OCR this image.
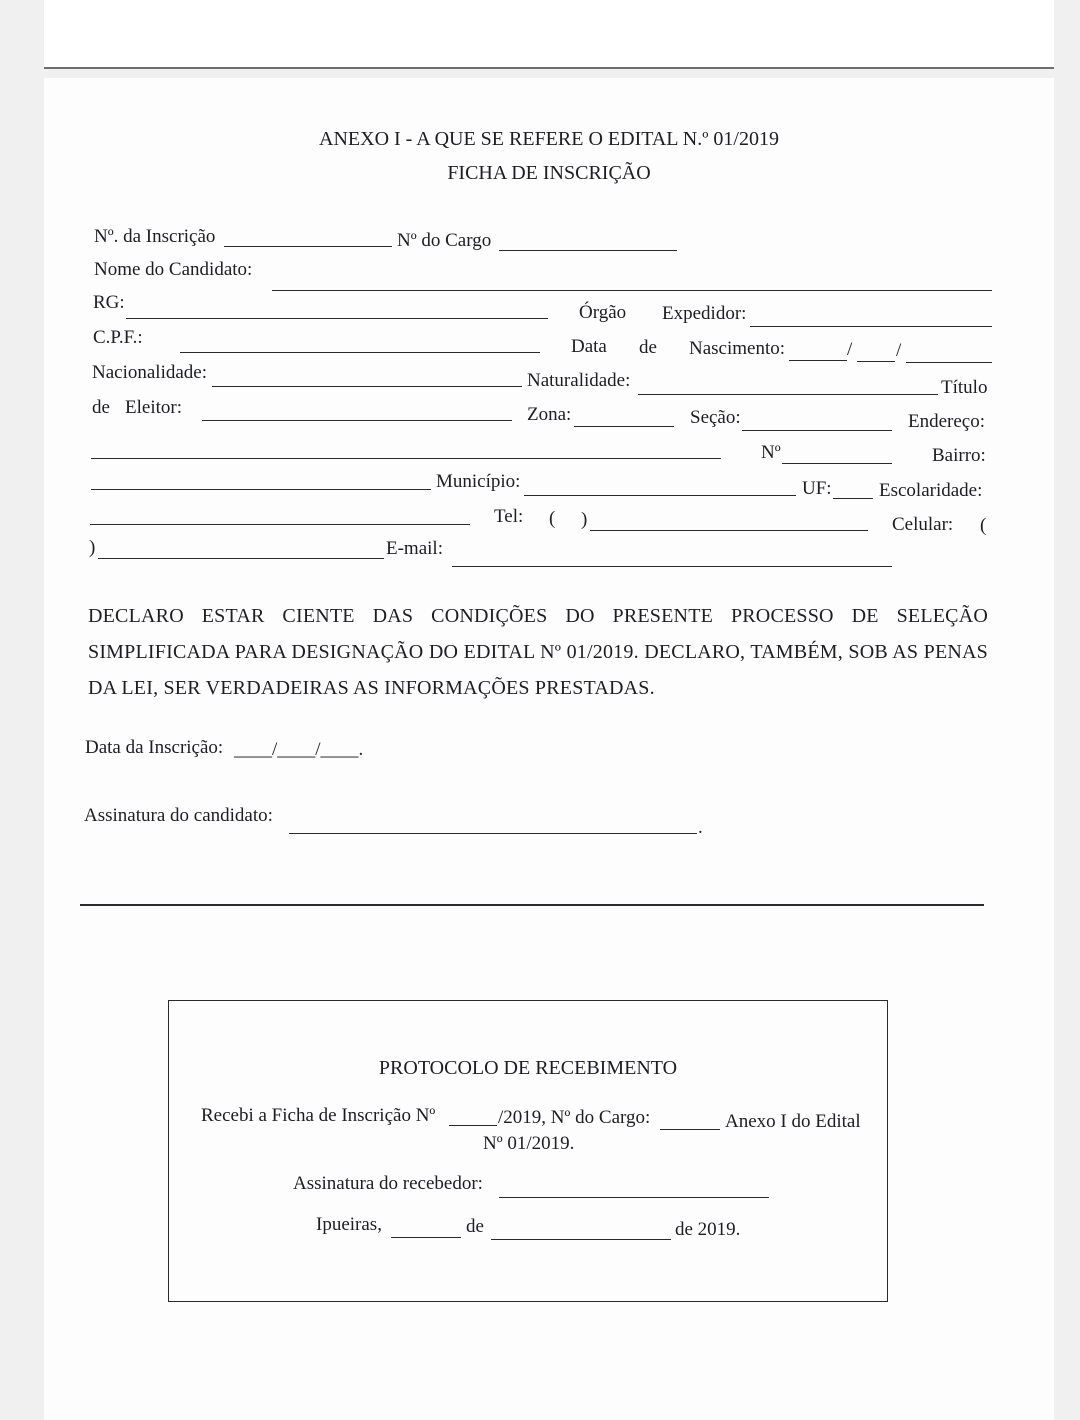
ANEXO I - A QUE SE REFERE O EDITAL N.º 01/2019
FICHA DE INSCRIÇÃO
Nº. da Inscrição	Nº do Cargo
Nome do Candidato:
RG:	Órgão Expedidor:
C.P.F.:	Data de Nascimento:	/ /
Nacionalidade:	Naturalidade:	Título
de Eleitor:	Zona:	Seção:	Endereço:
Nº	Bairro:
Município:	UF: Escolaridade:
Tel: ( )	Celular: (
)	E-mail:
DECLARO ESTAR CIENTE DAS CONDIÇÕES DO PRESENTE PROCESSO DE SELEÇÃO SIMPLIFICADA PARA DESIGNAÇÃO DO EDITAL Nº 01/2019. DECLARO, TAMBÉM, SOB AS PENAS DA LEI, SER VERDADEIRAS AS INFORMAÇÕES PRESTADAS.
Data da Inscrição: ____/____/____.
Assinatura do candidato:
.
PROTOCOLO DE RECEBIMENTO
Recebi a Ficha de Inscrição Nº	/2019, Nº do Cargo:	Anexo I do Edital
Nº 01/2019.
Assinatura do recebedor:
Ipueiras,	de	de 2019.
